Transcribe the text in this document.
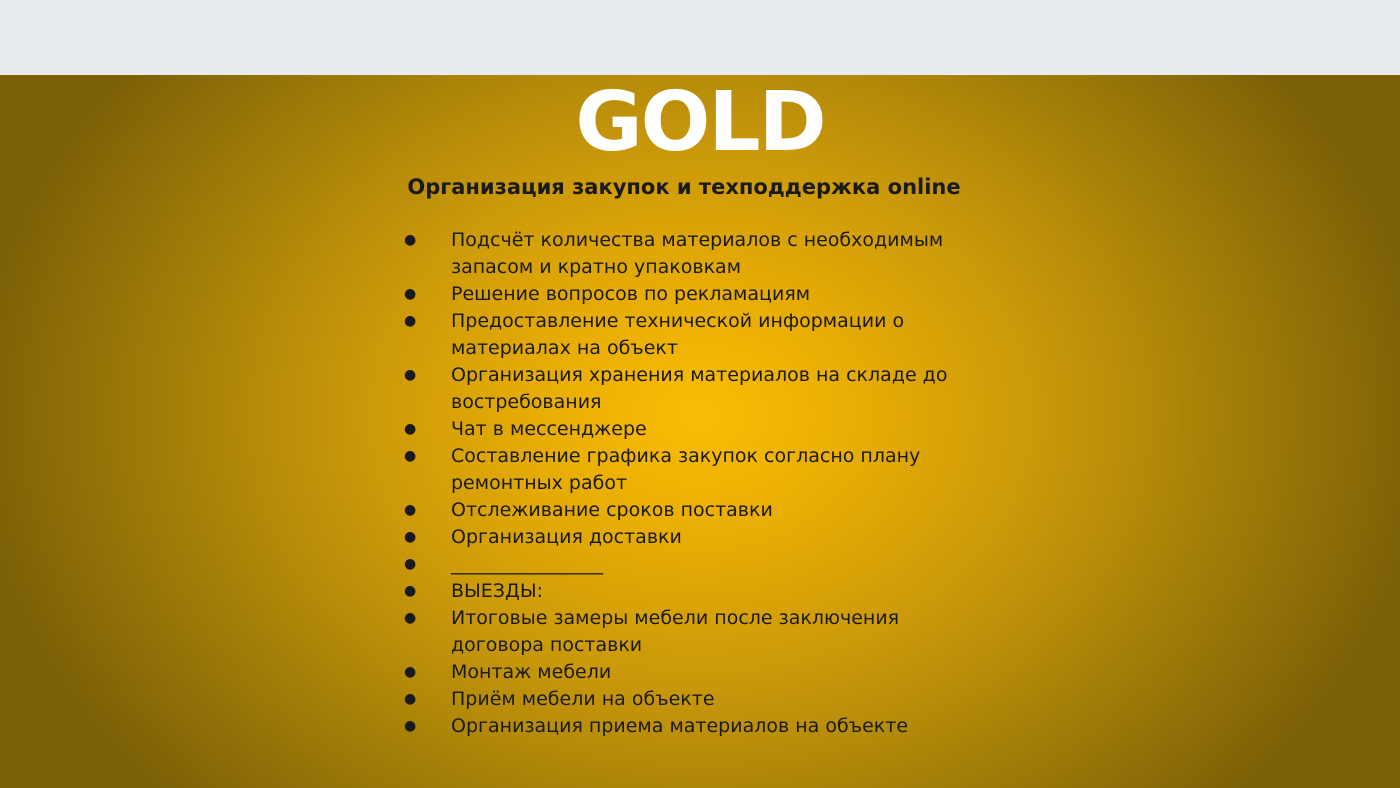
GOLD
Организация закупок и техподдержка online
● Подсчёт количества материалов с необходимым запасом и кратно упаковкам
● Решение вопросов по рекламациям
● Предоставление технической информации о материалах на объект
● Организация хранения материалов на складе до востребования
● Чат в мессенджере
● Составление графика закупок согласно плану ремонтных работ
● Отслеживание сроков поставки
● Организация доставки
● ________________
● ВЫЕЗДЫ:
● Итоговые замеры мебели после заключения договора поставки
● Монтаж мебели
● Приём мебели на объекте
● Организация приема материалов на объекте
